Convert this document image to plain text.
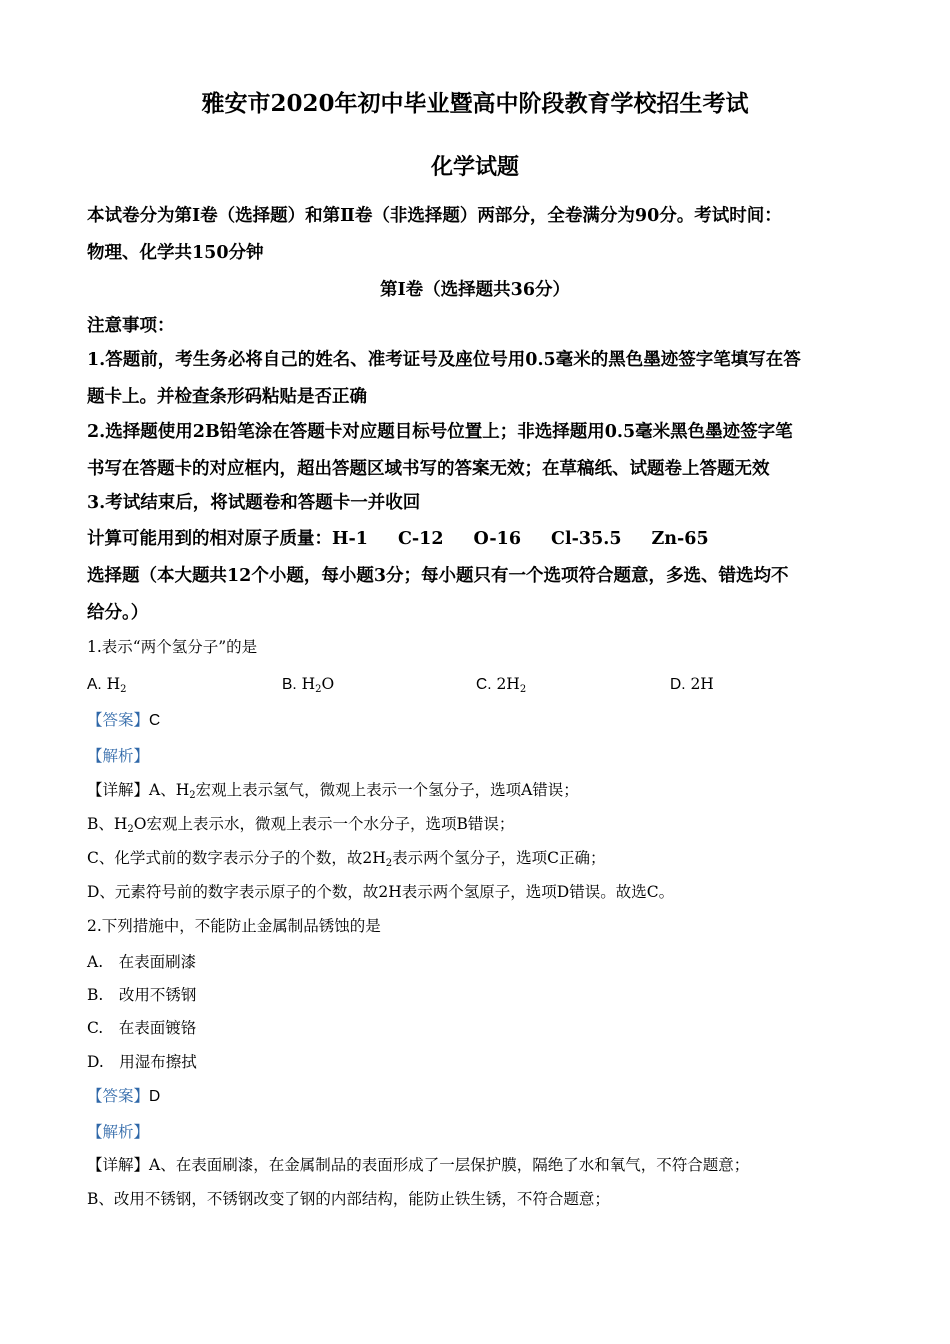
雅安市2020年初中毕业暨高中阶段教育学校招生考试
化学试题
本试卷分为第Ⅰ卷（选择题）和第Ⅱ卷（非选择题）两部分，全卷满分为90分。考试时间：
物理、化学共150分钟
第Ⅰ卷（选择题共36分）
注意事项：
1.答题前，考生务必将自己的姓名、准考证号及座位号用0.5毫米的黑色墨迹签字笔填写在答
题卡上。并检查条形码粘贴是否正确
2.选择题使用2B铅笔涂在答题卡对应题目标号位置上；非选择题用0.5毫米黑色墨迹签字笔
书写在答题卡的对应框内，超出答题区域书写的答案无效；在草稿纸、试题卷上答题无效
3.考试结束后，将试题卷和答题卡一并收回
计算可能用到的相对原子质量：H-1 C-12 O-16 Cl-35.5 Zn-65
选择题（本大题共12个小题，每小题3分；每小题只有一个选项符合题意，多选、错选均不
给分。）
1.表示“两个氢分子”的是
A. $H_2$	B. $H_2O$	C. $2H_2$	D. 2H
【答案】C
【解析】
【详解】A、$H_2$宏观上表示氢气，微观上表示一个氢分子，选项A错误；
B、$H_2O$宏观上表示水，微观上表示一个水分子，选项B错误；
C、化学式前的数字表示分子的个数，故$2H_2$表示两个氢分子，选项C正确；
D、元素符号前的数字表示原子的个数，故2H表示两个氢原子，选项D错误。故选C。
2.下列措施中，不能防止金属制品锈蚀的是
A.　在表面刷漆
B.　改用不锈钢
C.　在表面镀铬
D.　用湿布擦拭
【答案】D
【解析】
【详解】A、在表面刷漆，在金属制品的表面形成了一层保护膜，隔绝了水和氧气，不符合题意；
B、改用不锈钢，不锈钢改变了钢的内部结构，能防止铁生锈，不符合题意；
